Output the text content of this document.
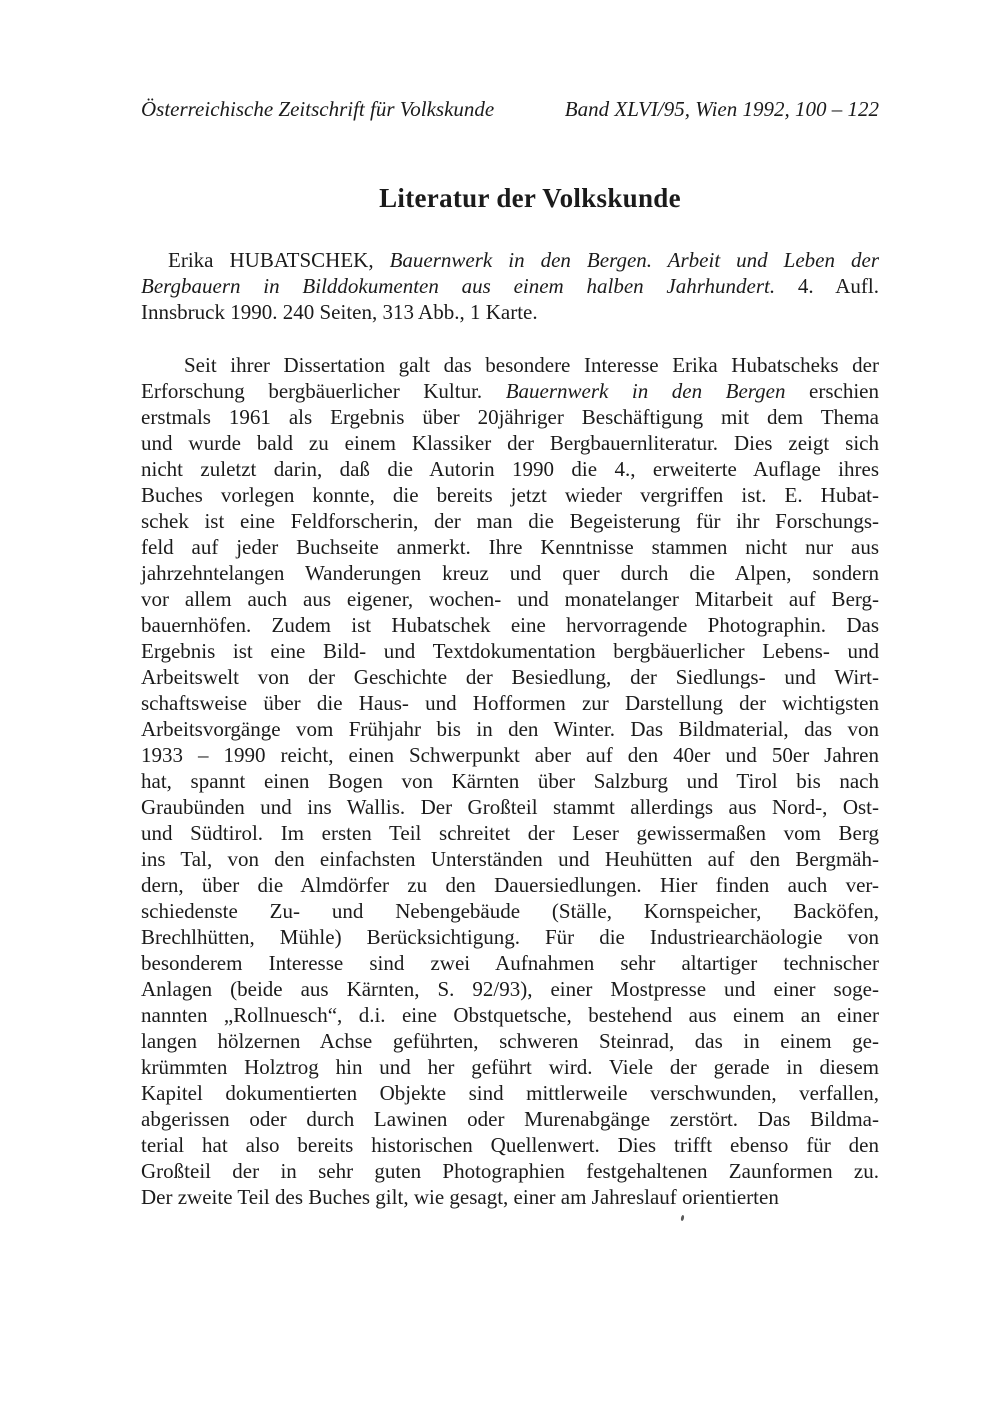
Österreichische Zeitschrift für Volkskunde	Band XLVI/95, Wien 1992, 100 – 122
Literatur der Volkskunde
Erika HUBATSCHEK, Bauernwerk in den Bergen. Arbeit und Leben der
Bergbauern in Bilddokumenten aus einem halben Jahrhundert. 4. Aufl.
Innsbruck 1990. 240 Seiten, 313 Abb., 1 Karte.
Seit ihrer Dissertation galt das besondere Interesse Erika Hubatscheks der
Erforschung bergbäuerlicher Kultur. Bauernwerk in den Bergen erschien
erstmals 1961 als Ergebnis über 20jähriger Beschäftigung mit dem Thema
und wurde bald zu einem Klassiker der Bergbauernliteratur. Dies zeigt sich
nicht zuletzt darin, daß die Autorin 1990 die 4., erweiterte Auflage ihres
Buches vorlegen konnte, die bereits jetzt wieder vergriffen ist. E. Hubat-
schek ist eine Feldforscherin, der man die Begeisterung für ihr Forschungs-
feld auf jeder Buchseite anmerkt. Ihre Kenntnisse stammen nicht nur aus
jahrzehntelangen Wanderungen kreuz und quer durch die Alpen, sondern
vor allem auch aus eigener, wochen- und monatelanger Mitarbeit auf Berg-
bauernhöfen. Zudem ist Hubatschek eine hervorragende Photographin. Das
Ergebnis ist eine Bild- und Textdokumentation bergbäuerlicher Lebens- und
Arbeitswelt von der Geschichte der Besiedlung, der Siedlungs- und Wirt-
schaftsweise über die Haus- und Hofformen zur Darstellung der wichtigsten
Arbeitsvorgänge vom Frühjahr bis in den Winter. Das Bildmaterial, das von
1933 – 1990 reicht, einen Schwerpunkt aber auf den 40er und 50er Jahren
hat, spannt einen Bogen von Kärnten über Salzburg und Tirol bis nach
Graubünden und ins Wallis. Der Großteil stammt allerdings aus Nord-, Ost-
und Südtirol. Im ersten Teil schreitet der Leser gewissermaßen vom Berg
ins Tal, von den einfachsten Unterständen und Heuhütten auf den Bergmäh-
dern, über die Almdörfer zu den Dauersiedlungen. Hier finden auch ver-
schiedenste Zu- und Nebengebäude (Ställe, Kornspeicher, Backöfen,
Brechlhütten, Mühle) Berücksichtigung. Für die Industriearchäologie von
besonderem Interesse sind zwei Aufnahmen sehr altartiger technischer
Anlagen (beide aus Kärnten, S. 92/93), einer Mostpresse und einer soge-
nannten „Rollnuesch“, d.i. eine Obstquetsche, bestehend aus einem an einer
langen hölzernen Achse geführten, schweren Steinrad, das in einem ge-
krümmten Holztrog hin und her geführt wird. Viele der gerade in diesem
Kapitel dokumentierten Objekte sind mittlerweile verschwunden, verfallen,
abgerissen oder durch Lawinen oder Murenabgänge zerstört. Das Bildma-
terial hat also bereits historischen Quellenwert. Dies trifft ebenso für den
Großteil der in sehr guten Photographien festgehaltenen Zaunformen zu.
Der zweite Teil des Buches gilt, wie gesagt, einer am Jahreslauf orientierten
